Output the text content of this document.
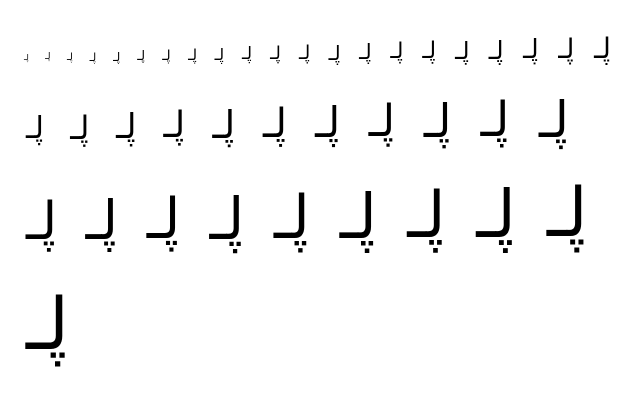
ڸـ ڸـ ڸـ ڸـ ڸـ ڸـ ڸـ ڸـ ڸـ ڸـ ڸـ ڸـ ڸـ ڸـ ڸـ ڸـ ڸـ ڸـ ڸـ ڸـ ڸـ
ڸـ ڸـ ڸـ ڸـ ڸـ ڸـ ڸـ ڸـ ڸـ ڸـ ڸـ
ڸـ ڸـ ڸـ ڸـ ڸـ ڸـ ڸـ ڸـ ڸـ
ڸـ
